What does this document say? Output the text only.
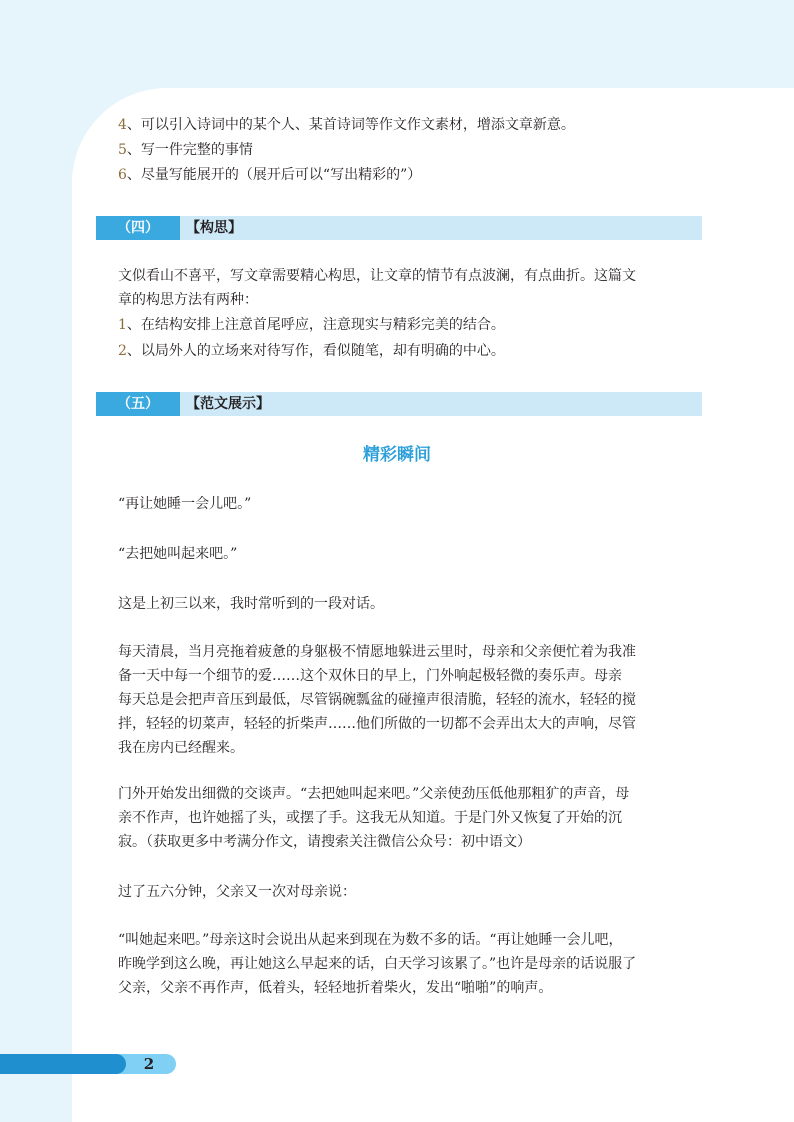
4、可以引入诗词中的某个人、某首诗词等作文作文素材，增添文章新意。
5、写一件完整的事情
6、尽量写能展开的（展开后可以“写出精彩的”）
（四）	【构思】
文似看山不喜平，写文章需要精心构思，让文章的情节有点波澜，有点曲折。这篇文
章的构思方法有两种：
1、在结构安排上注意首尾呼应，注意现实与精彩完美的结合。
2、以局外人的立场来对待写作，看似随笔，却有明确的中心。
（五）	【范文展示】
精彩瞬间
“再让她睡一会儿吧。”
“去把她叫起来吧。”
这是上初三以来，我时常听到的一段对话。
每天清晨，当月亮拖着疲惫的身躯极不情愿地躲进云里时，母亲和父亲便忙着为我准
备一天中每一个细节的爱……这个双休日的早上，门外响起极轻微的奏乐声。母亲
每天总是会把声音压到最低，尽管锅碗瓢盆的碰撞声很清脆，轻轻的流水，轻轻的搅
拌，轻轻的切菜声，轻轻的折柴声……他们所做的一切都不会弄出太大的声响，尽管
我在房内已经醒来。
门外开始发出细微的交谈声。“去把她叫起来吧。”父亲使劲压低他那粗犷的声音，母
亲不作声，也许她摇了头，或摆了手。这我无从知道。于是门外又恢复了开始的沉
寂。（获取更多中考满分作文，请搜索关注微信公众号：初中语文）
过了五六分钟，父亲又一次对母亲说：
“叫她起来吧。”母亲这时会说出从起来到现在为数不多的话。“再让她睡一会儿吧，
昨晚学到这么晚，再让她这么早起来的话，白天学习该累了。”也许是母亲的话说服了
父亲，父亲不再作声，低着头，轻轻地折着柴火，发出“啪啪”的响声。
2
